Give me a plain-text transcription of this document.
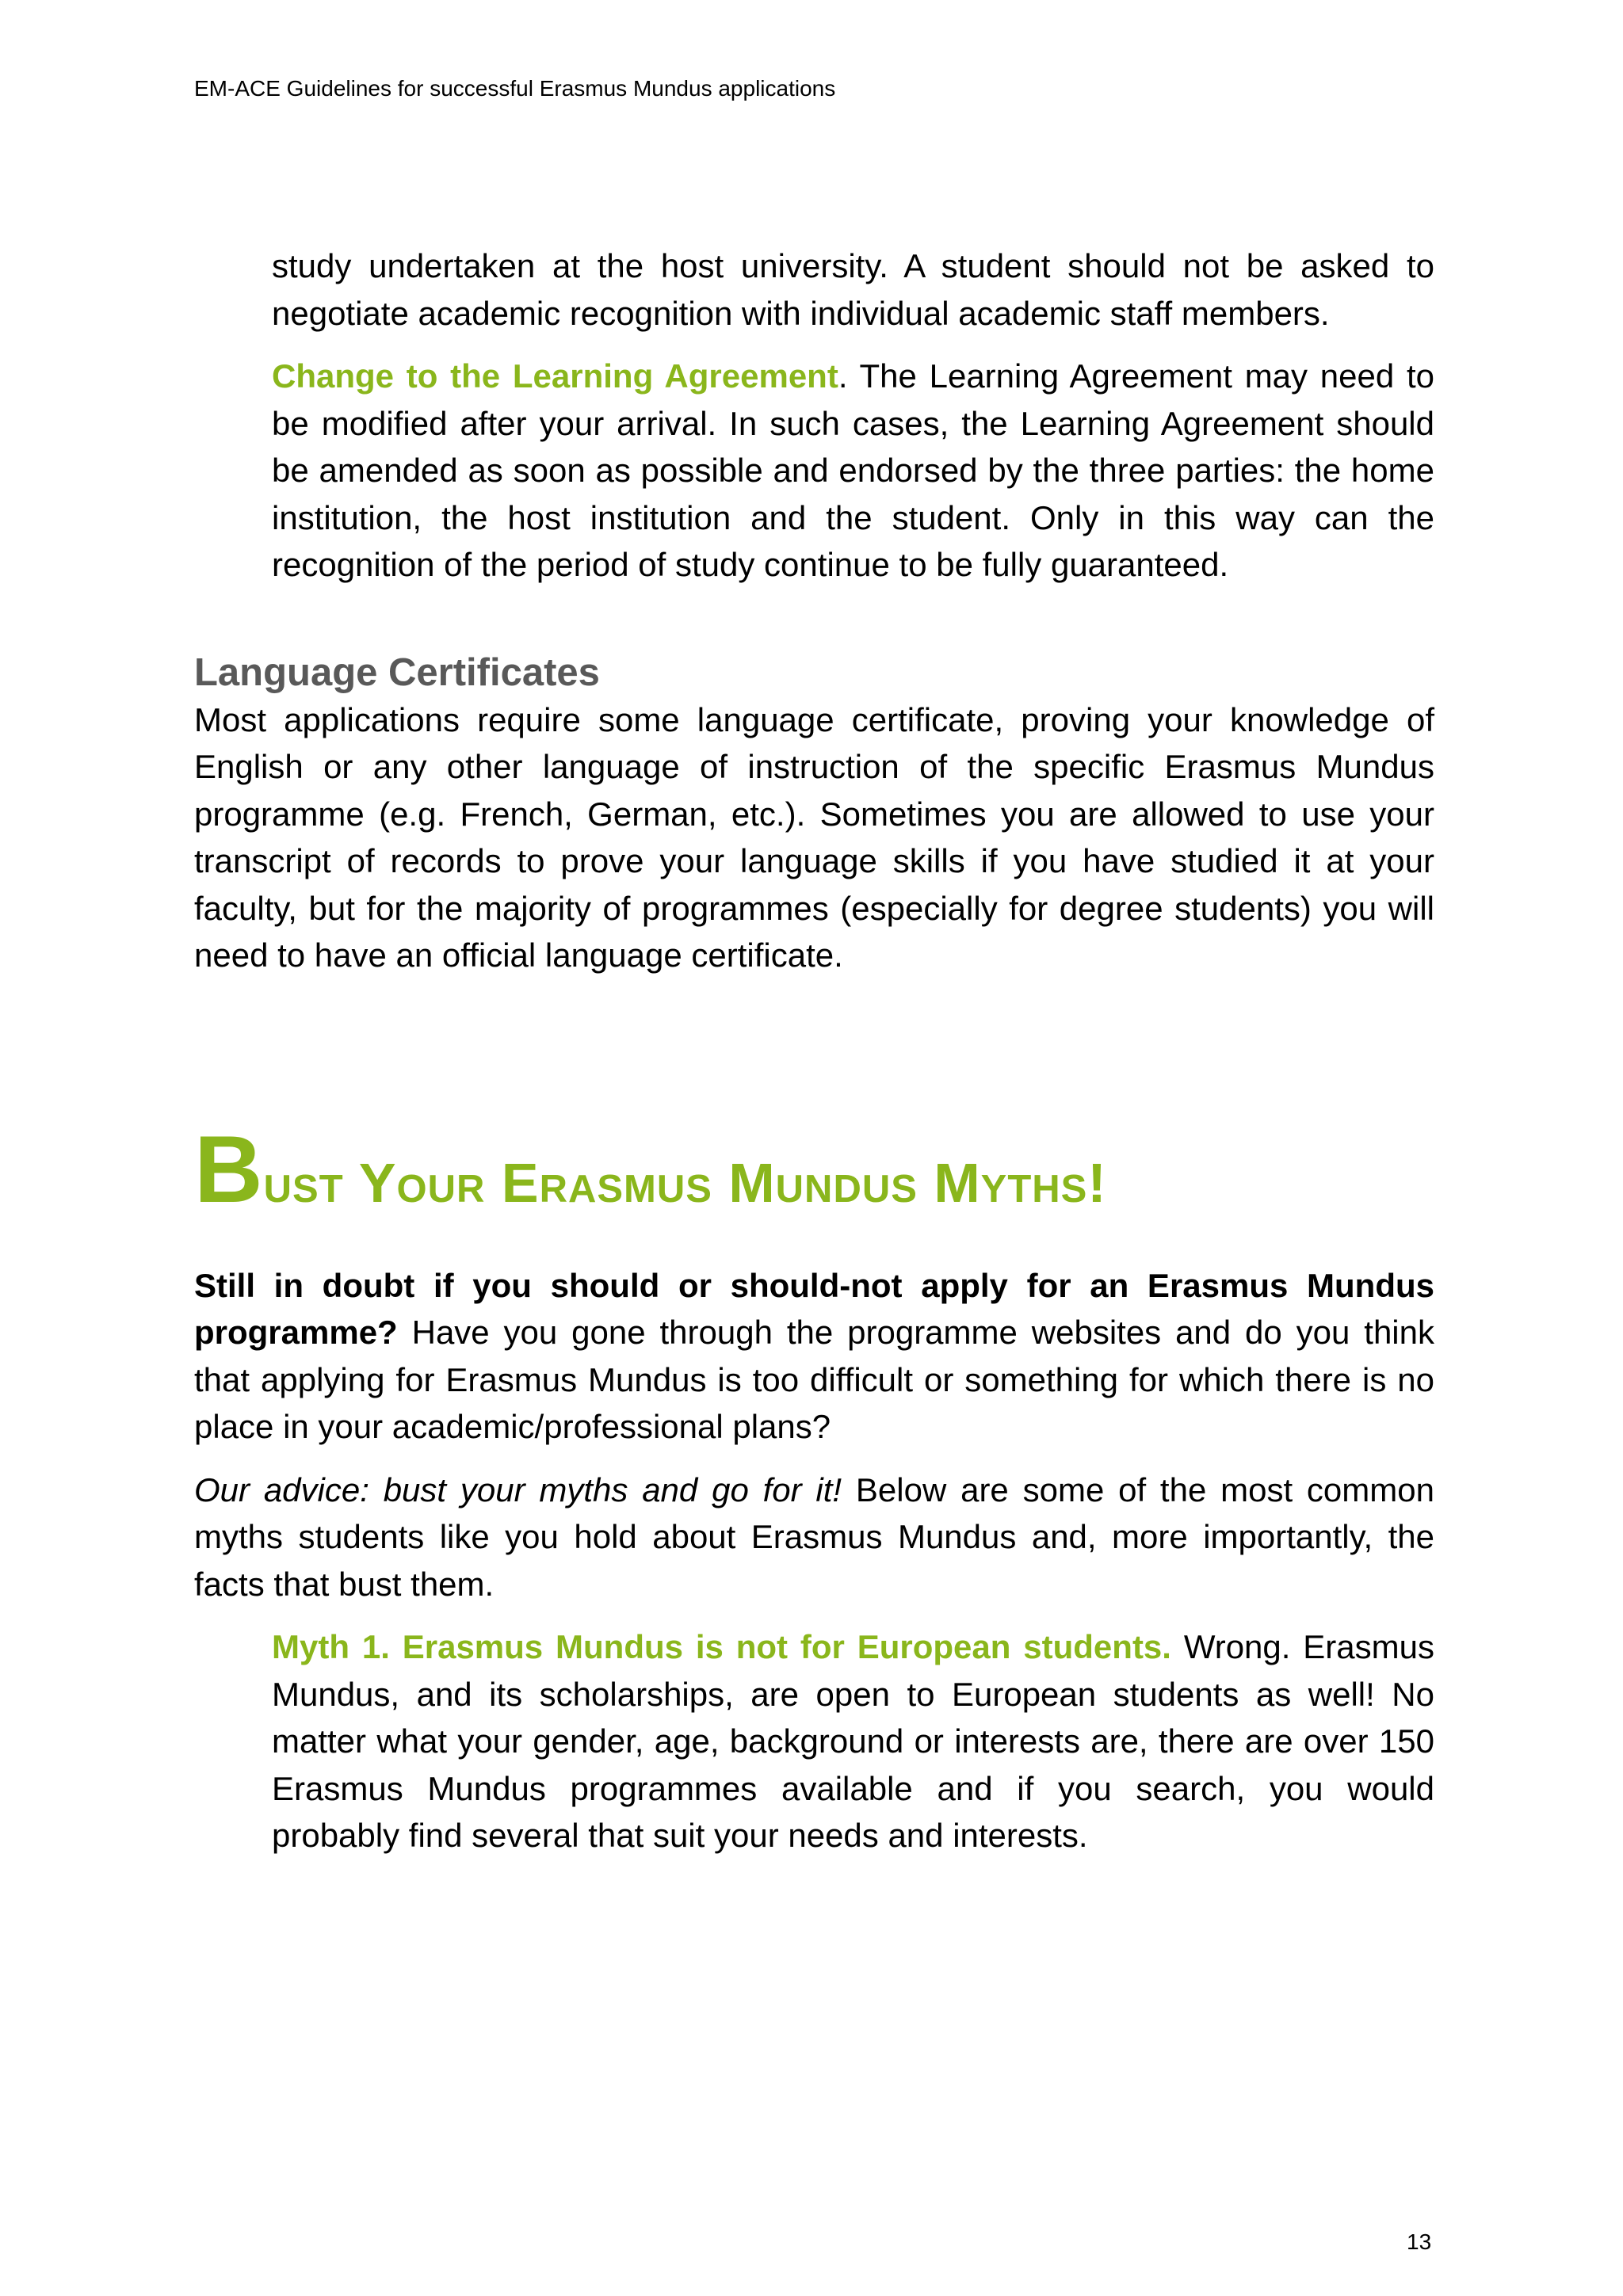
EM-ACE Guidelines for successful Erasmus Mundus applications

study undertaken at the host university. A student should not be asked to negotiate academic recognition with individual academic staff members.

Change to the Learning Agreement. The Learning Agreement may need to be modified after your arrival. In such cases, the Learning Agreement should be amended as soon as possible and endorsed by the three parties: the home institution, the host institution and the student. Only in this way can the recognition of the period of study continue to be fully guaranteed.

Language Certificates

Most applications require some language certificate, proving your knowledge of English or any other language of instruction of the specific Erasmus Mundus programme (e.g. French, German, etc.). Sometimes you are allowed to use your transcript of records to prove your language skills if you have studied it at your faculty, but for the majority of programmes (especially for degree students) you will need to have an official language certificate.

Bust Your Erasmus Mundus Myths!

Still in doubt if you should or should-not apply for an Erasmus Mundus programme? Have you gone through the programme websites and do you think that applying for Erasmus Mundus is too difficult or something for which there is no place in your academic/professional plans?

Our advice: bust your myths and go for it! Below are some of the most common myths students like you hold about Erasmus Mundus and, more importantly, the facts that bust them.

Myth 1. Erasmus Mundus is not for European students. Wrong. Erasmus Mundus, and its scholarships, are open to European students as well! No matter what your gender, age, background or interests are, there are over 150 Erasmus Mundus programmes available and if you search, you would probably find several that suit your needs and interests.

13
